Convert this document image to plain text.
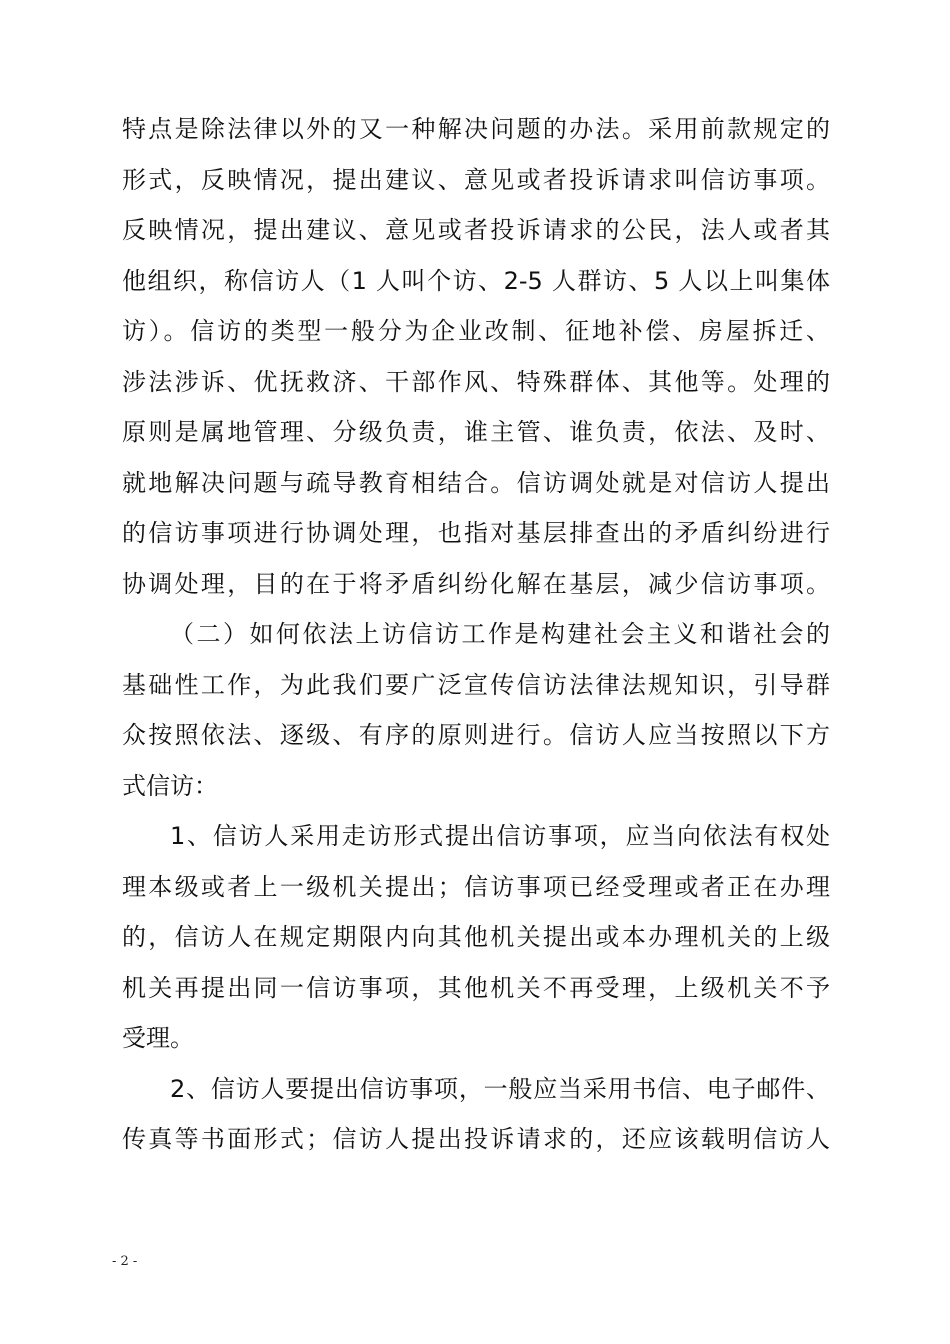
特点是除法律以外的又一种解决问题的办法。采用前款规定的
形式，反映情况，提出建议、意见或者投诉请求叫信访事项。
反映情况，提出建议、意见或者投诉请求的公民，法人或者其
他组织，称信访人（1 人叫个访、2-5 人群访、5 人以上叫集体
访）。信访的类型一般分为企业改制、征地补偿、房屋拆迁、
涉法涉诉、优抚救济、干部作风、特殊群体、其他等。处理的
原则是属地管理、分级负责，谁主管、谁负责，依法、及时、
就地解决问题与疏导教育相结合。信访调处就是对信访人提出
的信访事项进行协调处理，也指对基层排查出的矛盾纠纷进行
协调处理，目的在于将矛盾纠纷化解在基层，减少信访事项。
（二）如何依法上访信访工作是构建社会主义和谐社会的
基础性工作，为此我们要广泛宣传信访法律法规知识，引导群
众按照依法、逐级、有序的原则进行。信访人应当按照以下方
式信访：
1、信访人采用走访形式提出信访事项，应当向依法有权处
理本级或者上一级机关提出；信访事项已经受理或者正在办理
的，信访人在规定期限内向其他机关提出或本办理机关的上级
机关再提出同一信访事项，其他机关不再受理，上级机关不予
受理。
2、信访人要提出信访事项，一般应当采用书信、电子邮件、
传真等书面形式；信访人提出投诉请求的，还应该载明信访人
- 2 -
